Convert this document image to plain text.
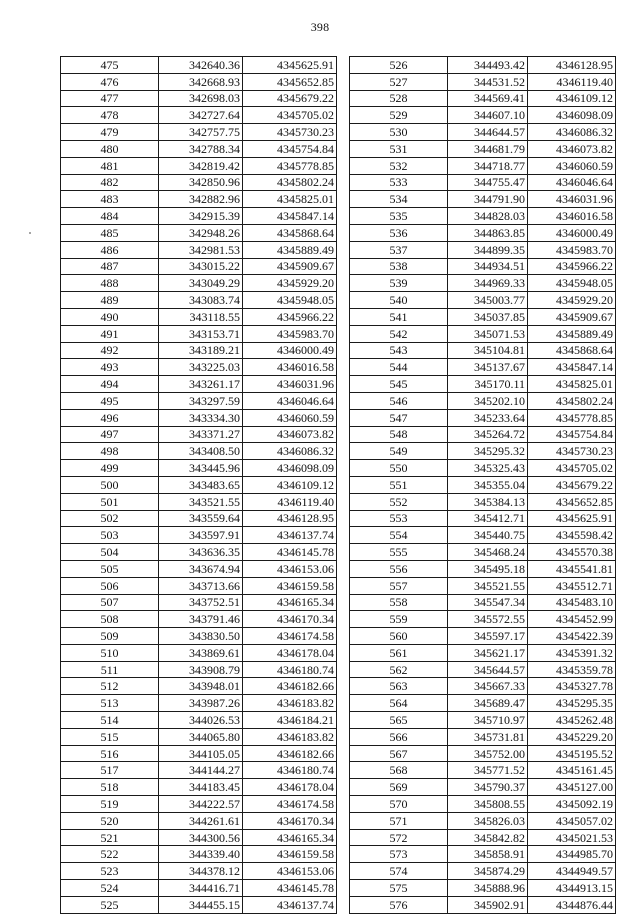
398
475	342640.36	4345625.91
476	342668.93	4345652.85
477	342698.03	4345679.22
478	342727.64	4345705.02
479	342757.75	4345730.23
480	342788.34	4345754.84
481	342819.42	4345778.85
482	342850.96	4345802.24
483	342882.96	4345825.01
484	342915.39	4345847.14
485	342948.26	4345868.64
486	342981.53	4345889.49
487	343015.22	4345909.67
488	343049.29	4345929.20
489	343083.74	4345948.05
490	343118.55	4345966.22
491	343153.71	4345983.70
492	343189.21	4346000.49
493	343225.03	4346016.58
494	343261.17	4346031.96
495	343297.59	4346046.64
496	343334.30	4346060.59
497	343371.27	4346073.82
498	343408.50	4346086.32
499	343445.96	4346098.09
500	343483.65	4346109.12
501	343521.55	4346119.40
502	343559.64	4346128.95
503	343597.91	4346137.74
504	343636.35	4346145.78
505	343674.94	4346153.06
506	343713.66	4346159.58
507	343752.51	4346165.34
508	343791.46	4346170.34
509	343830.50	4346174.58
510	343869.61	4346178.04
511	343908.79	4346180.74
512	343948.01	4346182.66
513	343987.26	4346183.82
514	344026.53	4346184.21
515	344065.80	4346183.82
516	344105.05	4346182.66
517	344144.27	4346180.74
518	344183.45	4346178.04
519	344222.57	4346174.58
520	344261.61	4346170.34
521	344300.56	4346165.34
522	344339.40	4346159.58
523	344378.12	4346153.06
524	344416.71	4346145.78
525	344455.15	4346137.74
526	344493.42	4346128.95
527	344531.52	4346119.40
528	344569.41	4346109.12
529	344607.10	4346098.09
530	344644.57	4346086.32
531	344681.79	4346073.82
532	344718.77	4346060.59
533	344755.47	4346046.64
534	344791.90	4346031.96
535	344828.03	4346016.58
536	344863.85	4346000.49
537	344899.35	4345983.70
538	344934.51	4345966.22
539	344969.33	4345948.05
540	345003.77	4345929.20
541	345037.85	4345909.67
542	345071.53	4345889.49
543	345104.81	4345868.64
544	345137.67	4345847.14
545	345170.11	4345825.01
546	345202.10	4345802.24
547	345233.64	4345778.85
548	345264.72	4345754.84
549	345295.32	4345730.23
550	345325.43	4345705.02
551	345355.04	4345679.22
552	345384.13	4345652.85
553	345412.71	4345625.91
554	345440.75	4345598.42
555	345468.24	4345570.38
556	345495.18	4345541.81
557	345521.55	4345512.71
558	345547.34	4345483.10
559	345572.55	4345452.99
560	345597.17	4345422.39
561	345621.17	4345391.32
562	345644.57	4345359.78
563	345667.33	4345327.78
564	345689.47	4345295.35
565	345710.97	4345262.48
566	345731.81	4345229.20
567	345752.00	4345195.52
568	345771.52	4345161.45
569	345790.37	4345127.00
570	345808.55	4345092.19
571	345826.03	4345057.02
572	345842.82	4345021.53
573	345858.91	4344985.70
574	345874.29	4344949.57
575	345888.96	4344913.15
576	345902.91	4344876.44
